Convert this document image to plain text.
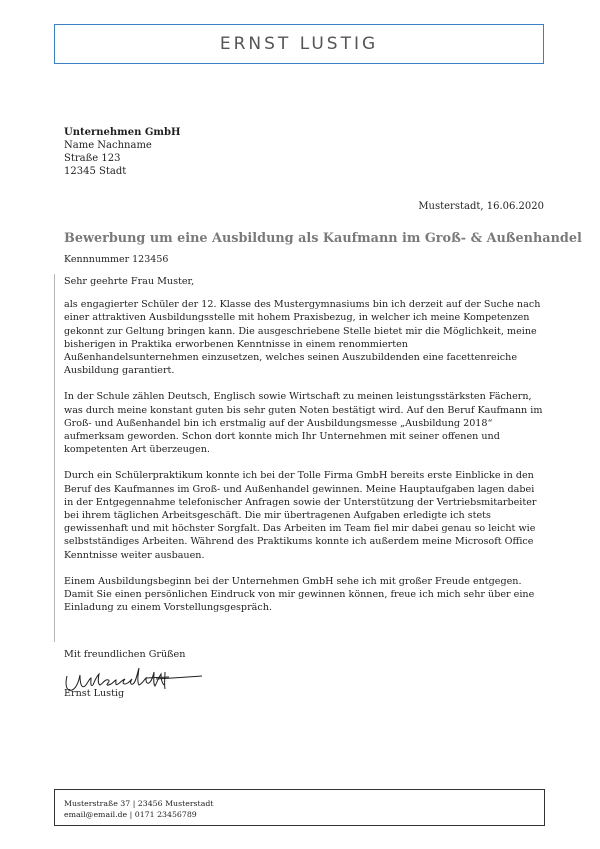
ERNST LUSTIG
Unternehmen GmbH
Name Nachname
Straße 123
12345 Stadt
Musterstadt, 16.06.2020
Bewerbung um eine Ausbildung als Kaufmann im Groß- & Außenhandel
Kennnummer 123456

Sehr geehrte Frau Muster,

als engagierter Schüler der 12. Klasse des Mustergymnasiums bin ich derzeit auf der Suche nach einer attraktiven Ausbildungsstelle mit hohem Praxisbezug, in welcher ich meine Kompetenzen gekonnt zur Geltung bringen kann. Die ausgeschriebene Stelle bietet mir die Möglichkeit, meine bisherigen in Praktika erworbenen Kenntnisse in einem renommierten Außenhandelsunternehmen einzusetzen, welches seinen Auszubildenden eine facettenreiche Ausbildung garantiert.

In der Schule zählen Deutsch, Englisch sowie Wirtschaft zu meinen leistungsstärksten Fächern, was durch meine konstant guten bis sehr guten Noten bestätigt wird. Auf den Beruf Kaufmann im Groß- und Außenhandel bin ich erstmalig auf der Ausbildungsmesse „Ausbildung 2018“ aufmerksam geworden. Schon dort konnte mich Ihr Unternehmen mit seiner offenen und kompetenten Art überzeugen.

Durch ein Schülerpraktikum konnte ich bei der Tolle Firma GmbH bereits erste Einblicke in den Beruf des Kaufmannes im Groß- und Außenhandel gewinnen. Meine Hauptaufgaben lagen dabei in der Entgegennahme telefonischer Anfragen sowie der Unterstützung der Vertriebsmitarbeiter bei ihrem täglichen Arbeitsgeschäft. Die mir übertragenen Aufgaben erledigte ich stets gewissenhaft und mit höchster Sorgfalt. Das Arbeiten im Team fiel mir dabei genau so leicht wie selbstständiges Arbeiten. Während des Praktikums konnte ich außerdem meine Microsoft Office Kenntnisse weiter ausbauen.

Einem Ausbildungsbeginn bei der Unternehmen GmbH sehe ich mit großer Freude entgegen. Damit Sie einen persönlichen Eindruck von mir gewinnen können, freue ich mich sehr über eine Einladung zu einem Vorstellungsgespräch.

Mit freundlichen Grüßen
Ernst Lustig
Musterstraße 37 | 23456 Musterstadt
email@email.de | 0171 23456789
